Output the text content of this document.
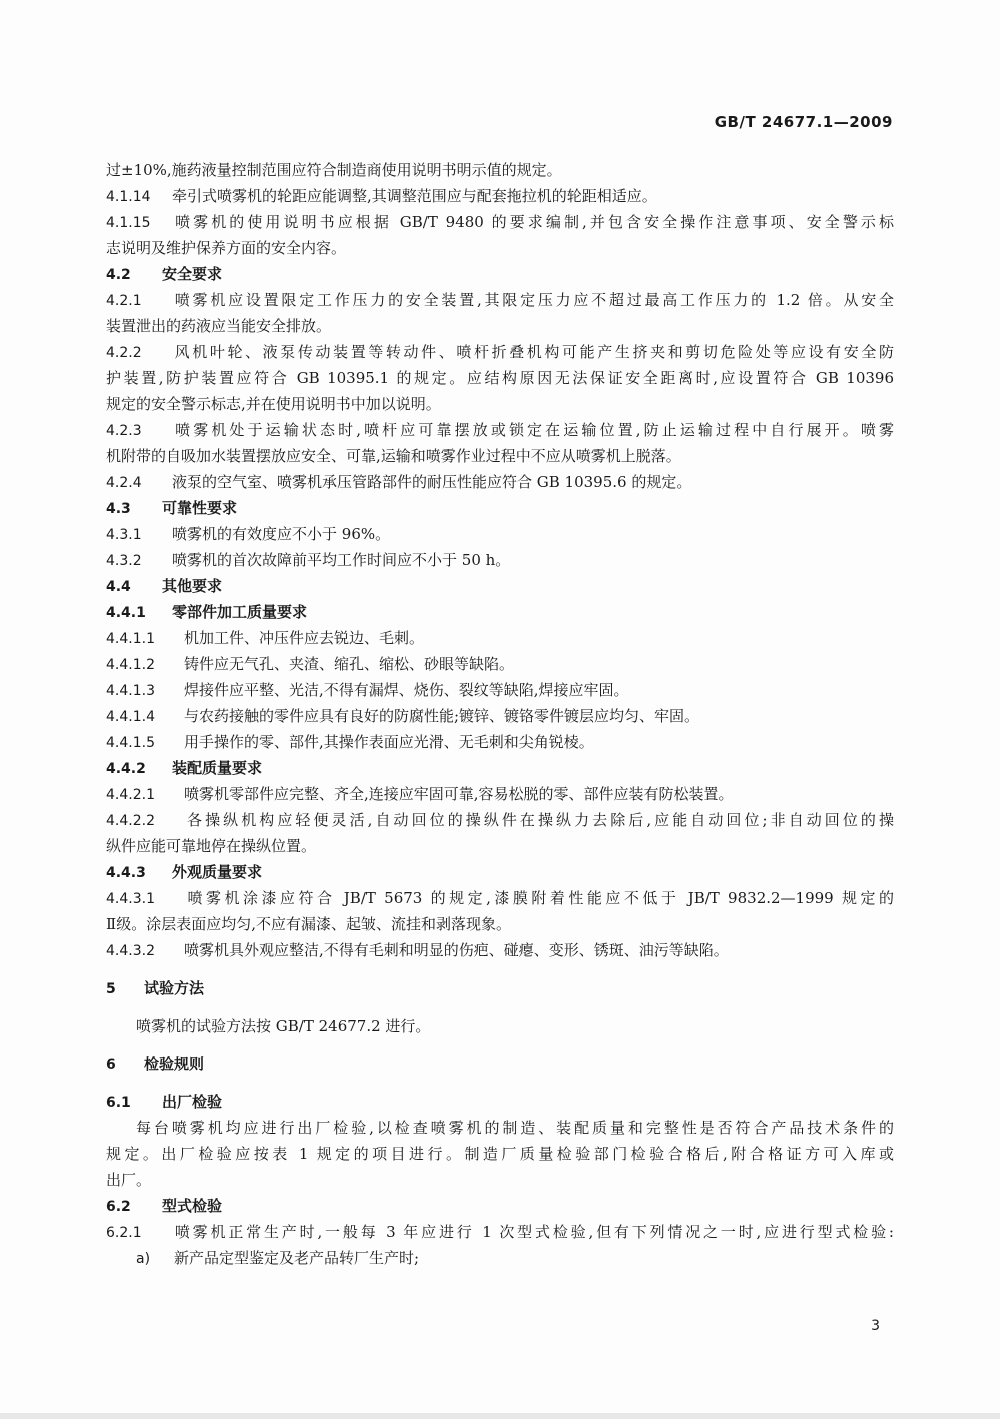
GB/T 24677.1—2009
过±10%,施药液量控制范围应符合制造商使用说明书明示值的规定。
4.1.14 牵引式喷雾机的轮距应能调整,其调整范围应与配套拖拉机的轮距相适应。
4.1.15 喷雾机的使用说明书应根据 GB/T 9480 的要求编制,并包含安全操作注意事项、安全警示标
志说明及维护保养方面的安全内容。
4.2 安全要求
4.2.1 喷雾机应设置限定工作压力的安全装置,其限定压力应不超过最高工作压力的 1.2 倍。从安全
装置泄出的药液应当能安全排放。
4.2.2 风机叶轮、液泵传动装置等转动件、喷杆折叠机构可能产生挤夹和剪切危险处等应设有安全防
护装置,防护装置应符合 GB 10395.1 的规定。应结构原因无法保证安全距离时,应设置符合 GB 10396
规定的安全警示标志,并在使用说明书中加以说明。
4.2.3 喷雾机处于运输状态时,喷杆应可靠摆放或锁定在运输位置,防止运输过程中自行展开。喷雾
机附带的自吸加水装置摆放应安全、可靠,运输和喷雾作业过程中不应从喷雾机上脱落。
4.2.4 液泵的空气室、喷雾机承压管路部件的耐压性能应符合 GB 10395.6 的规定。
4.3 可靠性要求
4.3.1 喷雾机的有效度应不小于 96%。
4.3.2 喷雾机的首次故障前平均工作时间应不小于 50 h。
4.4 其他要求
4.4.1 零部件加工质量要求
4.4.1.1 机加工件、冲压件应去锐边、毛刺。
4.4.1.2 铸件应无气孔、夹渣、缩孔、缩松、砂眼等缺陷。
4.4.1.3 焊接件应平整、光洁,不得有漏焊、烧伤、裂纹等缺陷,焊接应牢固。
4.4.1.4 与农药接触的零件应具有良好的防腐性能;镀锌、镀铬零件镀层应均匀、牢固。
4.4.1.5 用手操作的零、部件,其操作表面应光滑、无毛刺和尖角锐棱。
4.4.2 装配质量要求
4.4.2.1 喷雾机零部件应完整、齐全,连接应牢固可靠,容易松脱的零、部件应装有防松装置。
4.4.2.2 各操纵机构应轻便灵活,自动回位的操纵件在操纵力去除后,应能自动回位;非自动回位的操
纵件应能可靠地停在操纵位置。
4.4.3 外观质量要求
4.4.3.1 喷雾机涂漆应符合 JB/T 5673 的规定,漆膜附着性能应不低于 JB/T 9832.2—1999 规定的
Ⅱ级。涂层表面应均匀,不应有漏漆、起皱、流挂和剥落现象。
4.4.3.2 喷雾机具外观应整洁,不得有毛刺和明显的伤疤、碰瘪、变形、锈斑、油污等缺陷。
5 试验方法
喷雾机的试验方法按 GB/T 24677.2 进行。
6 检验规则
6.1 出厂检验
每台喷雾机均应进行出厂检验,以检查喷雾机的制造、装配质量和完整性是否符合产品技术条件的
规定。出厂检验应按表 1 规定的项目进行。制造厂质量检验部门检验合格后,附合格证方可入库或
出厂。
6.2 型式检验
6.2.1 喷雾机正常生产时,一般每 3 年应进行 1 次型式检验,但有下列情况之一时,应进行型式检验:
a) 新产品定型鉴定及老产品转厂生产时;
3
